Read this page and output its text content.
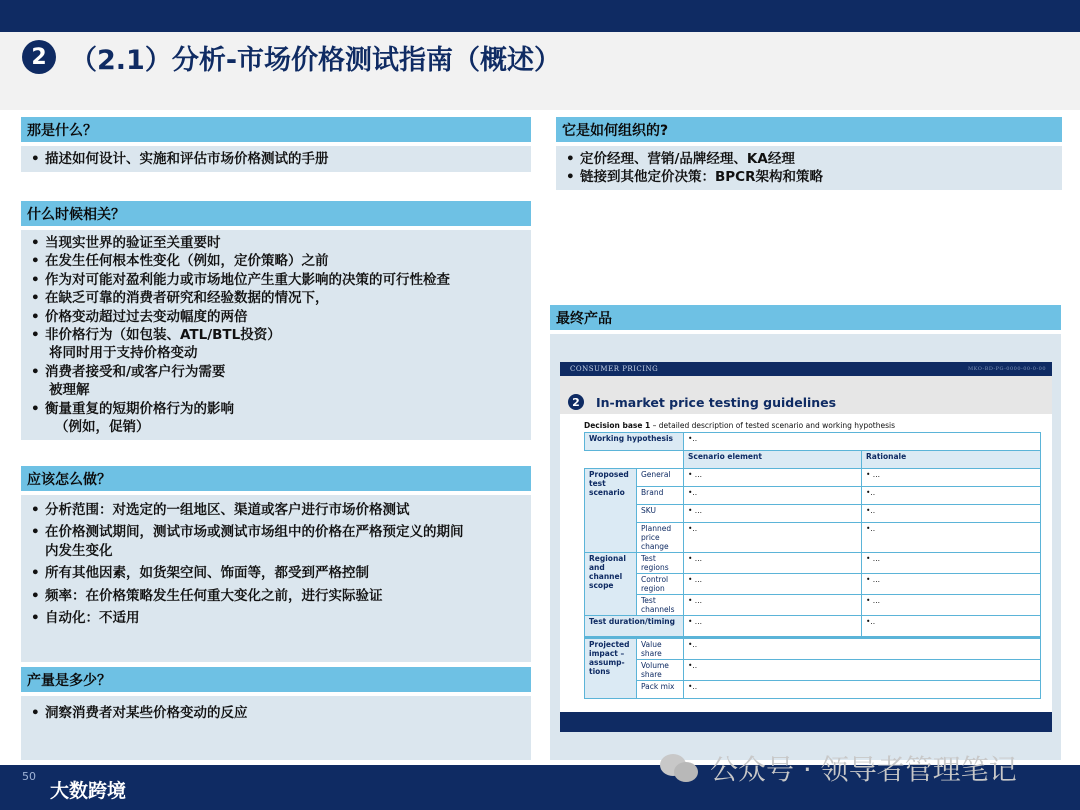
2 （2.1）分析-市场价格测试指南（概述）
那是什么？
• 描述如何设计、实施和评估市场价格测试的手册
什么时候相关？
• 当现实世界的验证至关重要时
• 在发生任何根本性变化（例如，定价策略）之前
• 作为对可能对盈利能力或市场地位产生重大影响的决策的可行性检查
• 在缺乏可靠的消费者研究和经验数据的情况下，
• 价格变动超过过去变动幅度的两倍
• 非价格行为（如包装、ATL/BTL投资）
将同时用于支持价格变动
• 消费者接受和/或客户行为需要
被理解
• 衡量重复的短期价格行为的影响
（例如，促销）
应该怎么做？
• 分析范围：对选定的一组地区、渠道或客户进行市场价格测试
• 在价格测试期间，测试市场或测试市场组中的价格在严格预定义的期间
内发生变化
• 所有其他因素，如货架空间、饰面等，都受到严格控制
• 频率：在价格策略发生任何重大变化之前，进行实际验证
• 自动化：不适用
产量是多少？
• 洞察消费者对某些价格变动的反应
它是如何组织的?
• 定价经理、营销/品牌经理、KA经理
• 链接到其他定价决策：BPCR架构和策略
最终产品
CONSUMER PRICING	MKO-BD-PG-0000-00-0-00
2	In-market price testing guidelines
Decision base 1 – detailed description of tested scenario and working hypothesis
Working hypothesis		•..	
		Scenario element	Rationale
Proposed test scenario	General	• ...	• ...
	Brand	•..	•..
	SKU	• ...	•..
	Planned price change	•..	•..
Regional and channel scope	Test regions	• ...	• ...
	Control region	• ...	• ...
	Test channels	• ...	• ...
Test duration/timing		• ...	•..
Projected impact – assump-tions	Value share	•..	
	Volume share	•..	
	Pack mix	•..	
50
大数跨境
公众号 · 领导者管理笔记
